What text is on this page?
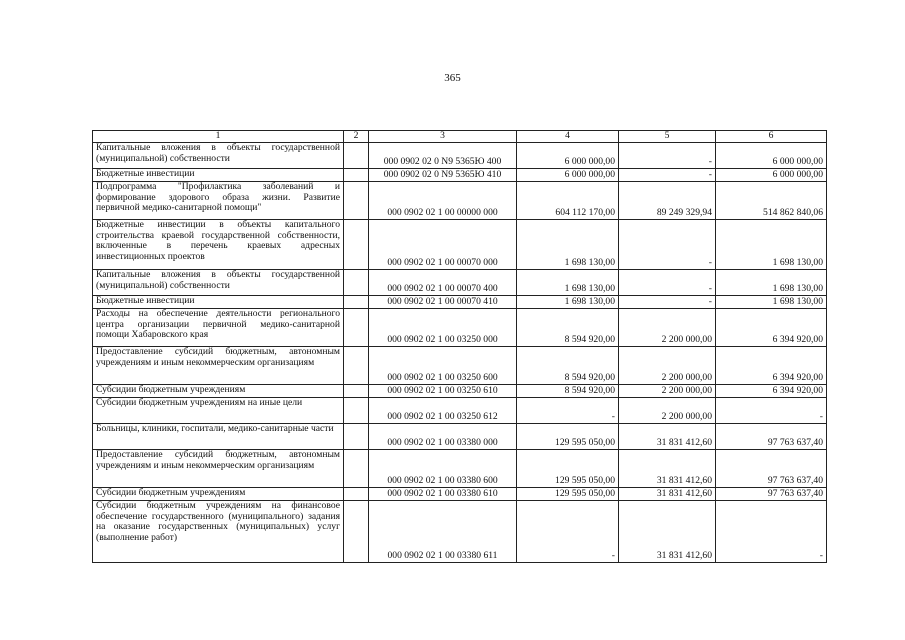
365
1	2	3	4	5	6
Капитальные вложения в объекты государственной (муниципальной) собственности		000 0902 02 0 N9 5365Ю 400	6 000 000,00	-	6 000 000,00
Бюджетные инвестиции		000 0902 02 0 N9 5365Ю 410	6 000 000,00	-	6 000 000,00
Подпрограмма "Профилактика заболеваний и формирование здорового образа жизни. Развитие первичной медико-санитарной помощи"		000 0902 02 1 00 00000 000	604 112 170,00	89 249 329,94	514 862 840,06
Бюджетные инвестиции в объекты капитального строительства краевой государственной собственности, включенные в перечень краевых адресных инвестиционных проектов		000 0902 02 1 00 00070 000	1 698 130,00	-	1 698 130,00
Капитальные вложения в объекты государственной (муниципальной) собственности		000 0902 02 1 00 00070 400	1 698 130,00	-	1 698 130,00
Бюджетные инвестиции		000 0902 02 1 00 00070 410	1 698 130,00	-	1 698 130,00
Расходы на обеспечение деятельности регионального центра организации первичной медико-санитарной помощи Хабаровского края		000 0902 02 1 00 03250 000	8 594 920,00	2 200 000,00	6 394 920,00
Предоставление субсидий бюджетным, автономным учреждениям и иным некоммерческим организациям		000 0902 02 1 00 03250 600	8 594 920,00	2 200 000,00	6 394 920,00
Субсидии бюджетным учреждениям		000 0902 02 1 00 03250 610	8 594 920,00	2 200 000,00	6 394 920,00
Субсидии бюджетным учреждениям на иные цели		000 0902 02 1 00 03250 612	-	2 200 000,00	-
Больницы, клиники, госпитали, медико-санитарные части		000 0902 02 1 00 03380 000	129 595 050,00	31 831 412,60	97 763 637,40
Предоставление субсидий бюджетным, автономным учреждениям и иным некоммерческим организациям		000 0902 02 1 00 03380 600	129 595 050,00	31 831 412,60	97 763 637,40
Субсидии бюджетным учреждениям		000 0902 02 1 00 03380 610	129 595 050,00	31 831 412,60	97 763 637,40
Субсидии бюджетным учреждениям на финансовое обеспечение государственного (муниципального) задания на оказание государственных (муниципальных) услуг (выполнение работ)		000 0902 02 1 00 03380 611	-	31 831 412,60	-
